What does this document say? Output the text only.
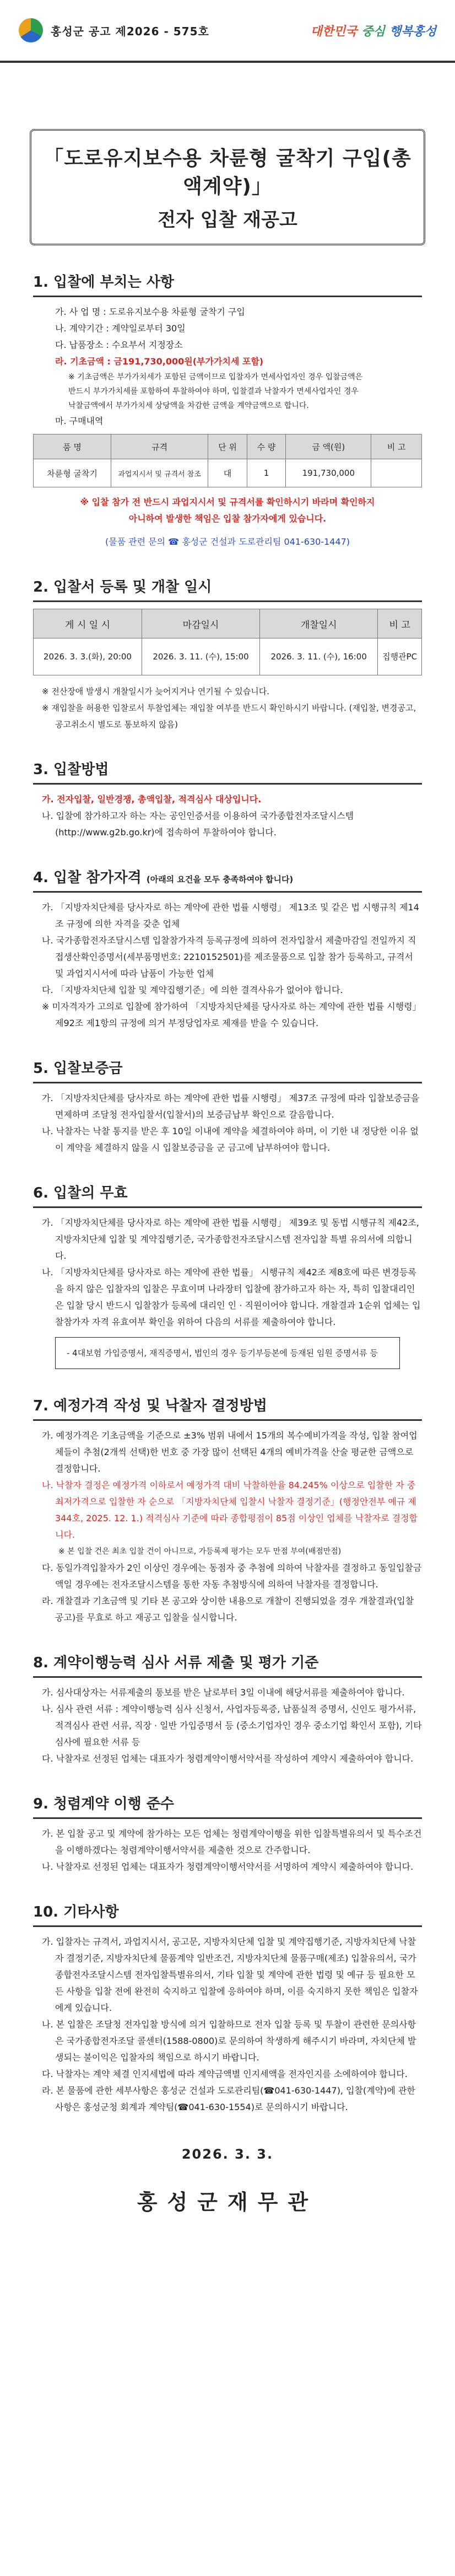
홍성군 공고 제2026 - 575호	대한민국 중심 행복홍성
「도로유지보수용 차륜형 굴착기 구입(총액계약)」
전자 입찰 재공고
1. 입찰에 부치는 사항
가. 사 업 명 : 도로유지보수용 차륜형 굴착기 구입
나. 계약기간 : 계약일로부터 30일
다. 납품장소 : 수요부서 지정장소
라. 기초금액 : 금191,730,000원(부가가치세 포함)
※ 기초금액은 부가가치세가 포함된 금액이므로 입찰자가 면세사업자인 경우 입찰금액은
반드시 부가가치세를 포함하여 투찰하여야 하며, 입찰결과 낙찰자가 면세사업자인 경우
낙찰금액에서 부가가치세 상당액을 차감한 금액을 계약금액으로 합니다.
마. 구매내역
품 명	규격	단 위	수 량	금 액(원)	비 고
차륜형 굴착기	과업지시서 및 규격서 참조	대	1	191,730,000	
※ 입찰 참가 전 반드시 과업지시서 및 규격서를 확인하시기 바라며 확인하지
아니하여 발생한 책임은 입찰 참가자에게 있습니다.
(물품 관련 문의 ☎ 홍성군 건설과 도로관리팀 041-630-1447)
2. 입찰서 등록 및 개찰 일시
게 시 일 시	마감일시	개찰일시	비 고
2026. 3. 3.(화), 20:00	2026. 3. 11. (수), 15:00	2026. 3. 11. (수), 16:00	집행관PC
※ 전산장애 발생시 개찰일시가 늦어지거나 연기될 수 있습니다.
※ 재입찰을 허용한 입찰로서 투찰업체는 재입찰 여부를 반드시 확인하시기 바랍니다. (재입찰, 변경공고, 공고취소시 별도로 통보하지 않음)
3. 입찰방법
가. 전자입찰, 일반경쟁, 총액입찰, 적격심사 대상입니다.
나. 입찰에 참가하고자 하는 자는 공인인증서를 이용하여 국가종합전자조달시스템(http://www.g2b.go.kr)에 접속하여 투찰하여야 합니다.
4. 입찰 참가자격 (아래의 요건을 모두 충족하여야 합니다)
가. 「지방자치단체를 당사자로 하는 계약에 관한 법률 시행령」 제13조 및 같은 법 시행규칙 제14조 규정에 의한 자격을 갖춘 업체
나. 국가종합전자조달시스템 입찰참가자격 등록규정에 의하여 전자입찰서 제출마감일 전일까지 직접생산확인증명서(세부품명번호: 2210152501)를 제조물품으로 입찰 참가 등록하고, 규격서 및 과업지시서에 따라 납품이 가능한 업체
다. 「지방자치단체 입찰 및 계약집행기준」에 의한 결격사유가 없어야 합니다.
※ 미자격자가 고의로 입찰에 참가하여 「지방자치단체를 당사자로 하는 계약에 관한 법률 시행령」 제92조 제1항의 규정에 의거 부정당업자로 제재를 받을 수 있습니다.
5. 입찰보증금
가. 「지방자치단체를 당사자로 하는 계약에 관한 법률 시행령」 제37조 규정에 따라 입찰보증금을 면제하며 조달청 전자입찰서(입찰서)의 보증금납부 확인으로 갈음합니다.
나. 낙찰자는 낙찰 통지를 받은 후 10일 이내에 계약을 체결하여야 하며, 이 기한 내 정당한 이유 없이 계약을 체결하지 않을 시 입찰보증금을 군 금고에 납부하여야 합니다.
6. 입찰의 무효
가. 「지방자치단체를 당사자로 하는 계약에 관한 법률 시행령」 제39조 및 동법 시행규칙 제42조, 지방자치단체 입찰 및 계약집행기준, 국가종합전자조달시스템 전자입찰 특별 유의서에 의합니다.
나. 「지방자치단체를 당사자로 하는 계약에 관한 법률」 시행규칙 제42조 제8호에 따른 변경등록을 하지 않은 입찰자의 입찰은 무효이며 나라장터 입찰에 참가하고자 하는 자, 특히 입찰대리인은 입찰 당시 반드시 입찰참가 등록에 대리인 인 · 직원이어야 합니다. 개찰결과 1순위 업체는 입찰참가자 자격 유효여부 확인을 위하여 다음의 서류를 제출하여야 합니다.
- 4대보험 가입증명서, 재직증명서, 법인의 경우 등기부등본에 등재된 임원 증명서류 등
7. 예정가격 작성 및 낙찰자 결정방법
가. 예정가격은 기초금액을 기준으로 ±3% 범위 내에서 15개의 복수예비가격을 작성, 입찰 참여업체들이 추첨(2개씩 선택)한 번호 중 가장 많이 선택된 4개의 예비가격을 산술 평균한 금액으로 결정합니다.
나. 낙찰자 결정은 예정가격 이하로서 예정가격 대비 낙찰하한율 84.245% 이상으로 입찰한 자 중 최저가격으로 입찰한 자 순으로 「지방자치단체 입찰시 낙찰자 결정기준」(행정안전부 예규 제344호, 2025. 12. 1.) 적격심사 기준에 따라 종합평점이 85점 이상인 업체를 낙찰자로 결정합니다.
※ 본 입찰 건은 최초 입찰 건이 아니므로, 가등록제 평가는 모두 만점 부여(배점만점)
다. 동일가격입찰자가 2인 이상인 경우에는 동점자 중 추첨에 의하여 낙찰자를 결정하고 동일입찰금액일 경우에는 전자조달시스템을 통한 자동 추첨방식에 의하여 낙찰자를 결정합니다.
라. 개찰결과 기초금액 및 기타 본 공고와 상이한 내용으로 개찰이 진행되었을 경우 개찰결과(입찰공고)를 무효로 하고 재공고 입찰을 실시합니다.
8. 계약이행능력 심사 서류 제출 및 평가 기준
가. 심사대상자는 서류제출의 통보를 받은 날로부터 3일 이내에 해당서류를 제출하여야 합니다.
나. 심사 관련 서류 : 계약이행능력 심사 신청서, 사업자등록증, 납품실적 증명서, 신인도 평가서류, 적격심사 관련 서류, 직장 · 일반 가입증명서 등 (중소기업자인 경우 중소기업 확인서 포함), 기타 심사에 필요한 서류 등
다. 낙찰자로 선정된 업체는 대표자가 청렴계약이행서약서를 작성하여 계약시 제출하여야 합니다.
9. 청렴계약 이행 준수
가. 본 입찰 공고 및 계약에 참가하는 모든 업체는 청렴계약이행을 위한 입찰특별유의서 및 특수조건을 이행하겠다는 청렴계약이행서약서를 제출한 것으로 간주합니다.
나. 낙찰자로 선정된 업체는 대표자가 청렴계약이행서약서를 서명하여 계약시 제출하여야 합니다.
10. 기타사항
가. 입찰자는 규격서, 과업지시서, 공고문, 지방자치단체 입찰 및 계약집행기준, 지방자치단체 낙찰자 결정기준, 지방자치단체 물품계약 일반조건, 지방자치단체 물품구매(제조) 입찰유의서, 국가종합전자조달시스템 전자입찰특별유의서, 기타 입찰 및 계약에 관한 법령 및 예규 등 필요한 모든 사항을 입찰 전에 완전히 숙지하고 입찰에 응하여야 하며, 이를 숙지하지 못한 책임은 입찰자에게 있습니다.
나. 본 입찰은 조달청 전자입찰 방식에 의거 입찰하므로 전자 입찰 등록 및 투찰이 관련한 문의사항은 국가종합전자조달 콜센터(1588-0800)로 문의하여 착생하게 해주시기 바라며, 자치단체 발생되는 불이익은 입찰자의 책임으로 하시기 바랍니다.
다. 낙찰자는 계약 체결 인지세법에 따라 계약금액별 인지세액을 전자인지를 소에하여야 합니다.
라. 본 물품에 관한 세부사항은 홍성군 건설과 도로관리팀(☎041-630-1447), 입찰(계약)에 관한 사항은 홍성군청 회계과 계약팀(☎041-630-1554)로 문의하시기 바랍니다.
2026. 3. 3.
홍성군재무관
